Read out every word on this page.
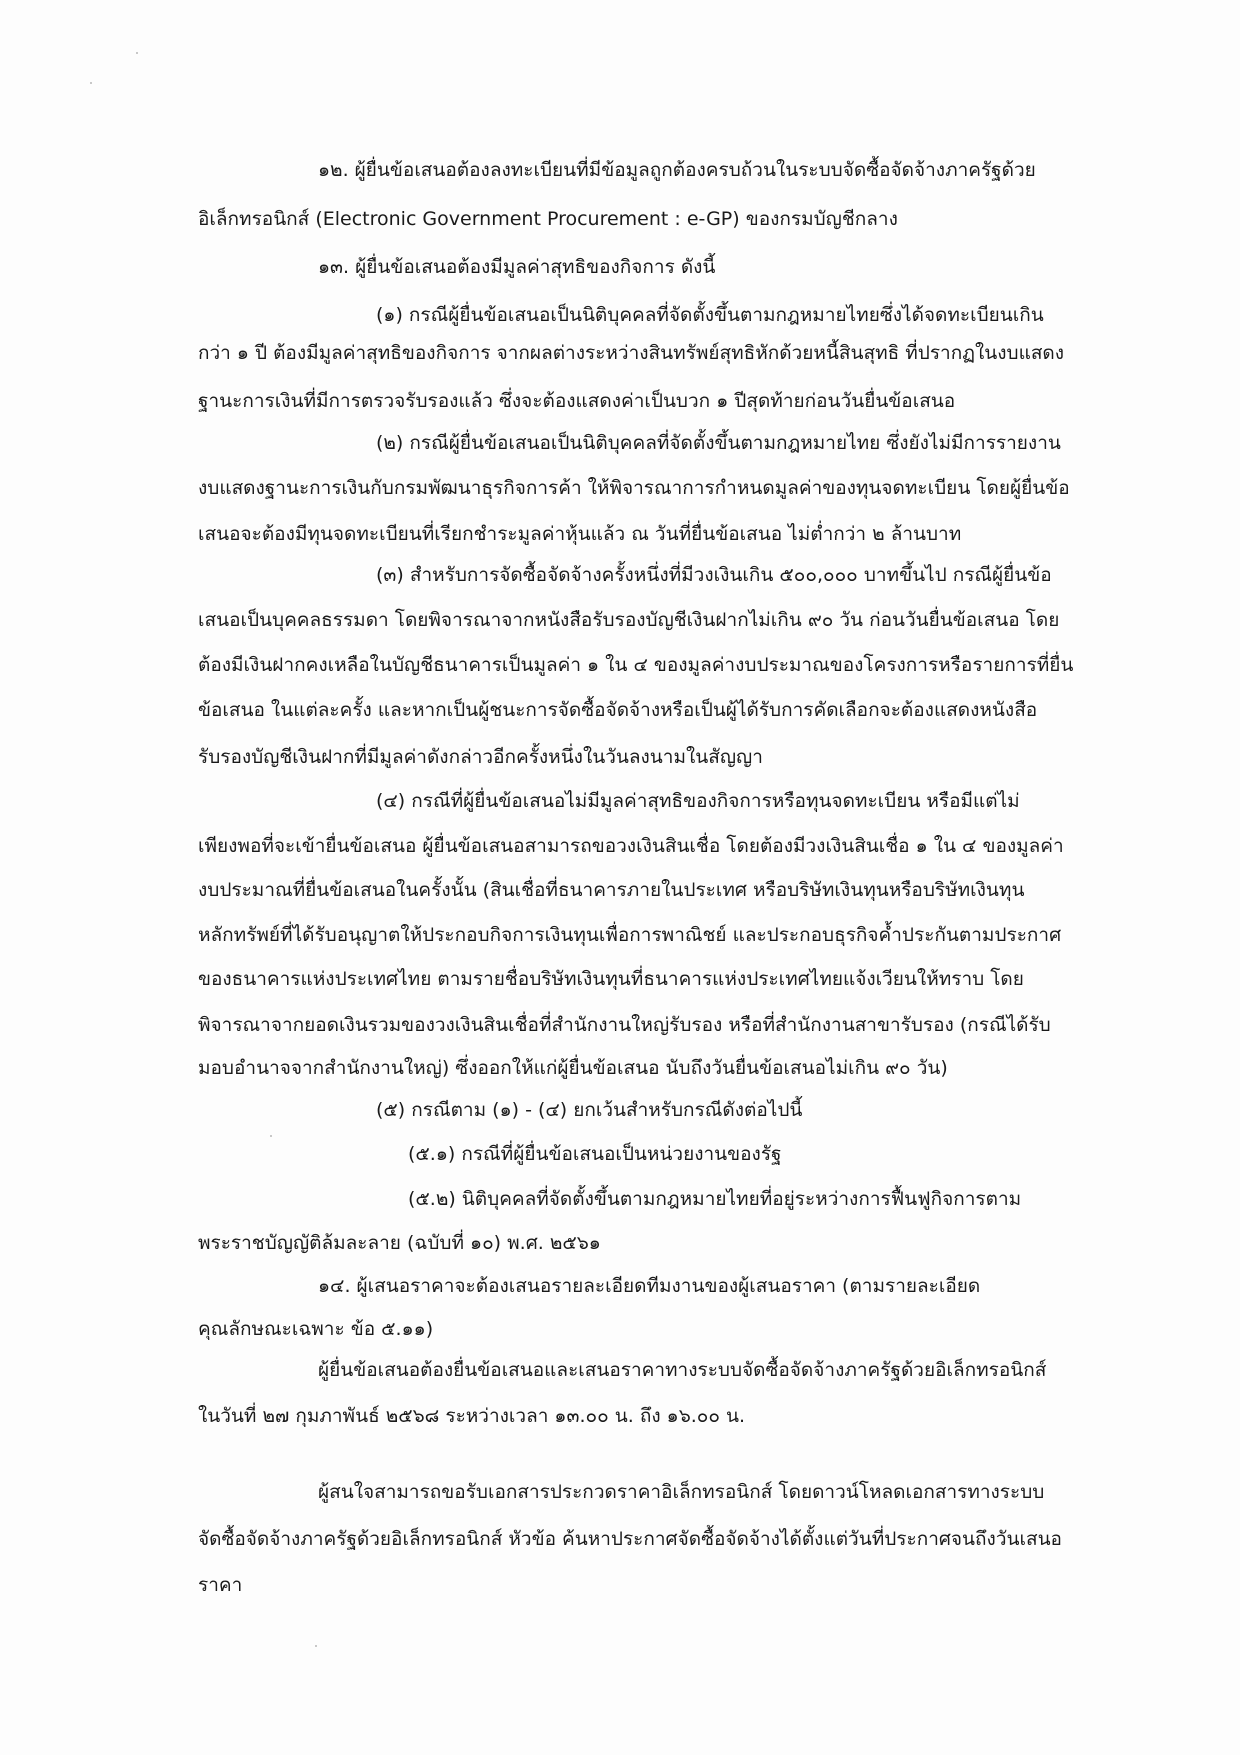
๑๒. ผู้ยื่นข้อเสนอต้องลงทะเบียนที่มีข้อมูลถูกต้องครบถ้วนในระบบจัดซื้อจัดจ้างภาครัฐด้วย
อิเล็กทรอนิกส์ (Electronic Government Procurement : e-GP) ของกรมบัญชีกลาง
๑๓. ผู้ยื่นข้อเสนอต้องมีมูลค่าสุทธิของกิจการ ดังนี้
(๑) กรณีผู้ยื่นข้อเสนอเป็นนิติบุคคลที่จัดตั้งขึ้นตามกฎหมายไทยซึ่งได้จดทะเบียนเกิน
กว่า ๑ ปี ต้องมีมูลค่าสุทธิของกิจการ จากผลต่างระหว่างสินทรัพย์สุทธิหักด้วยหนี้สินสุทธิ ที่ปรากฏในงบแสดง
ฐานะการเงินที่มีการตรวจรับรองแล้ว ซึ่งจะต้องแสดงค่าเป็นบวก ๑ ปีสุดท้ายก่อนวันยื่นข้อเสนอ
(๒) กรณีผู้ยื่นข้อเสนอเป็นนิติบุคคลที่จัดตั้งขึ้นตามกฎหมายไทย ซึ่งยังไม่มีการรายงาน
งบแสดงฐานะการเงินกับกรมพัฒนาธุรกิจการค้า ให้พิจารณาการกำหนดมูลค่าของทุนจดทะเบียน โดยผู้ยื่นข้อ
เสนอจะต้องมีทุนจดทะเบียนที่เรียกชำระมูลค่าหุ้นแล้ว ณ วันที่ยื่นข้อเสนอ ไม่ต่ำกว่า ๒ ล้านบาท
(๓) สำหรับการจัดซื้อจัดจ้างครั้งหนึ่งที่มีวงเงินเกิน ๕๐๐,๐๐๐ บาทขึ้นไป กรณีผู้ยื่นข้อ
เสนอเป็นบุคคลธรรมดา โดยพิจารณาจากหนังสือรับรองบัญชีเงินฝากไม่เกิน ๙๐ วัน ก่อนวันยื่นข้อเสนอ โดย
ต้องมีเงินฝากคงเหลือในบัญชีธนาคารเป็นมูลค่า ๑ ใน ๔ ของมูลค่างบประมาณของโครงการหรือรายการที่ยื่น
ข้อเสนอ ในแต่ละครั้ง และหากเป็นผู้ชนะการจัดซื้อจัดจ้างหรือเป็นผู้ได้รับการคัดเลือกจะต้องแสดงหนังสือ
รับรองบัญชีเงินฝากที่มีมูลค่าดังกล่าวอีกครั้งหนึ่งในวันลงนามในสัญญา
(๔) กรณีที่ผู้ยื่นข้อเสนอไม่มีมูลค่าสุทธิของกิจการหรือทุนจดทะเบียน หรือมีแต่ไม่
เพียงพอที่จะเข้ายื่นข้อเสนอ ผู้ยื่นข้อเสนอสามารถขอวงเงินสินเชื่อ โดยต้องมีวงเงินสินเชื่อ ๑ ใน ๔ ของมูลค่า
งบประมาณที่ยื่นข้อเสนอในครั้งนั้น (สินเชื่อที่ธนาคารภายในประเทศ หรือบริษัทเงินทุนหรือบริษัทเงินทุน
หลักทรัพย์ที่ได้รับอนุญาตให้ประกอบกิจการเงินทุนเพื่อการพาณิชย์ และประกอบธุรกิจค้ำประกันตามประกาศ
ของธนาคารแห่งประเทศไทย ตามรายชื่อบริษัทเงินทุนที่ธนาคารแห่งประเทศไทยแจ้งเวียนให้ทราบ โดย
พิจารณาจากยอดเงินรวมของวงเงินสินเชื่อที่สำนักงานใหญ่รับรอง หรือที่สำนักงานสาขารับรอง (กรณีได้รับ
มอบอำนาจจากสำนักงานใหญ่) ซึ่งออกให้แก่ผู้ยื่นข้อเสนอ นับถึงวันยื่นข้อเสนอไม่เกิน ๙๐ วัน)
(๕) กรณีตาม (๑) - (๔) ยกเว้นสำหรับกรณีดังต่อไปนี้
(๕.๑) กรณีที่ผู้ยื่นข้อเสนอเป็นหน่วยงานของรัฐ
(๕.๒) นิติบุคคลที่จัดตั้งขึ้นตามกฎหมายไทยที่อยู่ระหว่างการฟื้นฟูกิจการตาม
พระราชบัญญัติล้มละลาย (ฉบับที่ ๑๐) พ.ศ. ๒๕๖๑
๑๔. ผู้เสนอราคาจะต้องเสนอรายละเอียดทีมงานของผู้เสนอราคา (ตามรายละเอียด
คุณลักษณะเฉพาะ ข้อ ๕.๑๑)
ผู้ยื่นข้อเสนอต้องยื่นข้อเสนอและเสนอราคาทางระบบจัดซื้อจัดจ้างภาครัฐด้วยอิเล็กทรอนิกส์
ในวันที่ ๒๗ กุมภาพันธ์ ๒๕๖๘ ระหว่างเวลา ๑๓.๐๐ น. ถึง ๑๖.๐๐ น.
ผู้สนใจสามารถขอรับเอกสารประกวดราคาอิเล็กทรอนิกส์ โดยดาวน์โหลดเอกสารทางระบบ
จัดซื้อจัดจ้างภาครัฐด้วยอิเล็กทรอนิกส์ หัวข้อ ค้นหาประกาศจัดซื้อจัดจ้างได้ตั้งแต่วันที่ประกาศจนถึงวันเสนอ
ราคา
